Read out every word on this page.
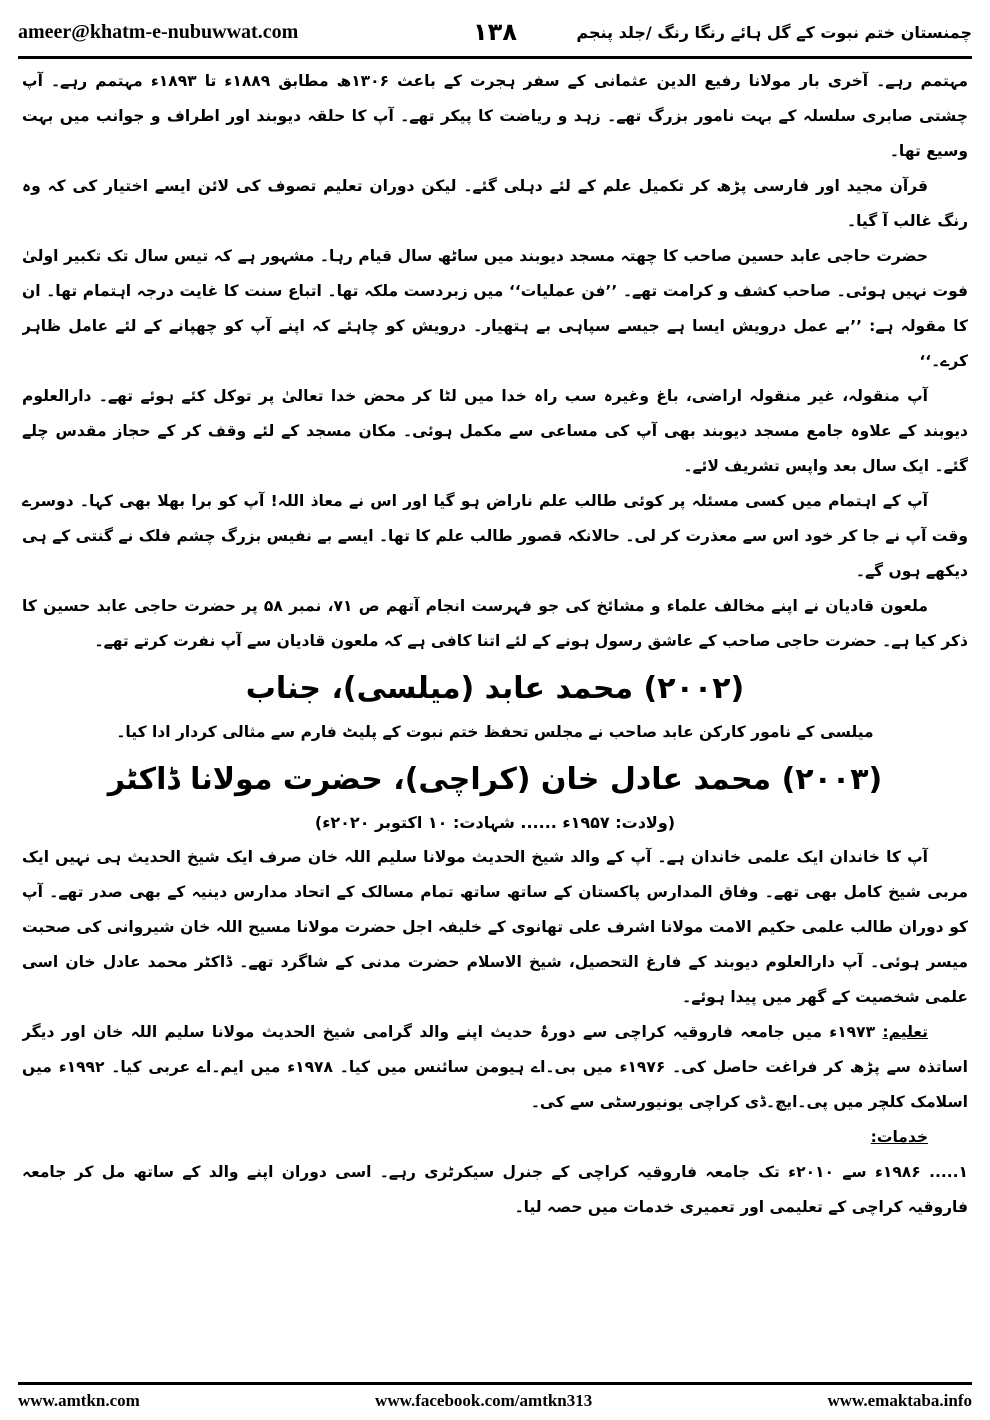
ameer@khatm-e-nubuwwat.com	۱۳۸	چمنستان ختم نبوت کے گل ہائے رنگا رنگ /جلد پنجم

مہتمم رہے۔ آخری بار مولانا رفیع الدین عثمانی کے سفر ہجرت کے باعث ۱۳۰۶ھ مطابق ۱۸۸۹ء تا ۱۸۹۳ء مہتمم رہے۔ آپ چشتی صابری سلسلہ کے بہت نامور بزرگ تھے۔ زہد و ریاضت کا پیکر تھے۔ آپ کا حلقہ دیوبند اور اطراف و جوانب میں بہت وسیع تھا۔

قرآن مجید اور فارسی پڑھ کر تکمیل علم کے لئے دہلی گئے۔ لیکن دوران تعلیم تصوف کی لائن ایسے اختیار کی کہ وہ رنگ غالب آ گیا۔

حضرت حاجی عابد حسین صاحب کا چھتہ مسجد دیوبند میں ساٹھ سال قیام رہا۔ مشہور ہے کہ تیس سال تک تکبیر اولیٰ فوت نہیں ہوئی۔ صاحب کشف و کرامت تھے۔ ’’فن عملیات‘‘ میں زبردست ملکہ تھا۔ اتباع سنت کا غایت درجہ اہتمام تھا۔ ان کا مقولہ ہے: ’’بے عمل درویش ایسا ہے جیسے سپاہی بے ہتھیار۔ درویش کو چاہئے کہ اپنے آپ کو چھپانے کے لئے عامل ظاہر کرے۔‘‘

آپ منقولہ، غیر منقولہ اراضی، باغ وغیرہ سب راہ خدا میں لٹا کر محض خدا تعالیٰ پر توکل کئے ہوئے تھے۔ دارالعلوم دیوبند کے علاوہ جامع مسجد دیوبند بھی آپ کی مساعی سے مکمل ہوئی۔ مکان مسجد کے لئے وقف کر کے حجاز مقدس چلے گئے۔ ایک سال بعد واپس تشریف لائے۔

آپ کے اہتمام میں کسی مسئلہ پر کوئی طالب علم ناراض ہو گیا اور اس نے معاذ اللہ! آپ کو برا بھلا بھی کہا۔ دوسرے وقت آپ نے جا کر خود اس سے معذرت کر لی۔ حالانکہ قصور طالب علم کا تھا۔ ایسے بے نفیس بزرگ چشم فلک نے گنتی کے ہی دیکھے ہوں گے۔

ملعون قادیان نے اپنے مخالف علماء و مشائخ کی جو فہرست انجام آتھم ص ۷۱، نمبر ۵۸ پر حضرت حاجی عابد حسین کا ذکر کیا ہے۔ حضرت حاجی صاحب کے عاشق رسول ہونے کے لئے اتنا کافی ہے کہ ملعون قادیان سے آپ نفرت کرتے تھے۔

(۲۰۰۲) محمد عابد (میلسی)، جناب

میلسی کے نامور کارکن عابد صاحب نے مجلس تحفظ ختم نبوت کے پلیٹ فارم سے مثالی کردار ادا کیا۔

(۲۰۰۳) محمد عادل خان (کراچی)، حضرت مولانا ڈاکٹر
(ولادت: ۱۹۵۷ء ...... شہادت: ۱۰ اکتوبر ۲۰۲۰ء)

آپ کا خاندان ایک علمی خاندان ہے۔ آپ کے والد شیخ الحدیث مولانا سلیم اللہ خان صرف ایک شیخ الحدیث ہی نہیں ایک مربی شیخ کامل بھی تھے۔ وفاق المدارس پاکستان کے ساتھ ساتھ تمام مسالک کے اتحاد مدارس دینیہ کے بھی صدر تھے۔ آپ کو دوران طالب علمی حکیم الامت مولانا اشرف علی تھانوی کے خلیفہ اجل حضرت مولانا مسیح اللہ خان شیروانی کی صحبت میسر ہوئی۔ آپ دارالعلوم دیوبند کے فارغ التحصیل، شیخ الاسلام حضرت مدنی کے شاگرد تھے۔ ڈاکٹر محمد عادل خان اسی علمی شخصیت کے گھر میں پیدا ہوئے۔

تعلیم: ۱۹۷۳ء میں جامعہ فاروقیہ کراچی سے دورۂ حدیث اپنے والد گرامی شیخ الحدیث مولانا سلیم اللہ خان اور دیگر اساتذہ سے پڑھ کر فراغت حاصل کی۔ ۱۹۷۶ء میں بی۔اے ہیومن سائنس میں کیا۔ ۱۹۷۸ء میں ایم۔اے عربی کیا۔ ۱۹۹۲ء میں اسلامک کلچر میں پی۔ایچ۔ڈی کراچی یونیورسٹی سے کی۔

خدمات:

۱..... ۱۹۸۶ء سے ۲۰۱۰ء تک جامعہ فاروقیہ کراچی کے جنرل سیکرٹری رہے۔ اسی دوران اپنے والد کے ساتھ مل کر جامعہ فاروقیہ کراچی کے تعلیمی اور تعمیری خدمات میں حصہ لیا۔

www.amtkn.com	www.facebook.com/amtkn313	www.emaktaba.info
